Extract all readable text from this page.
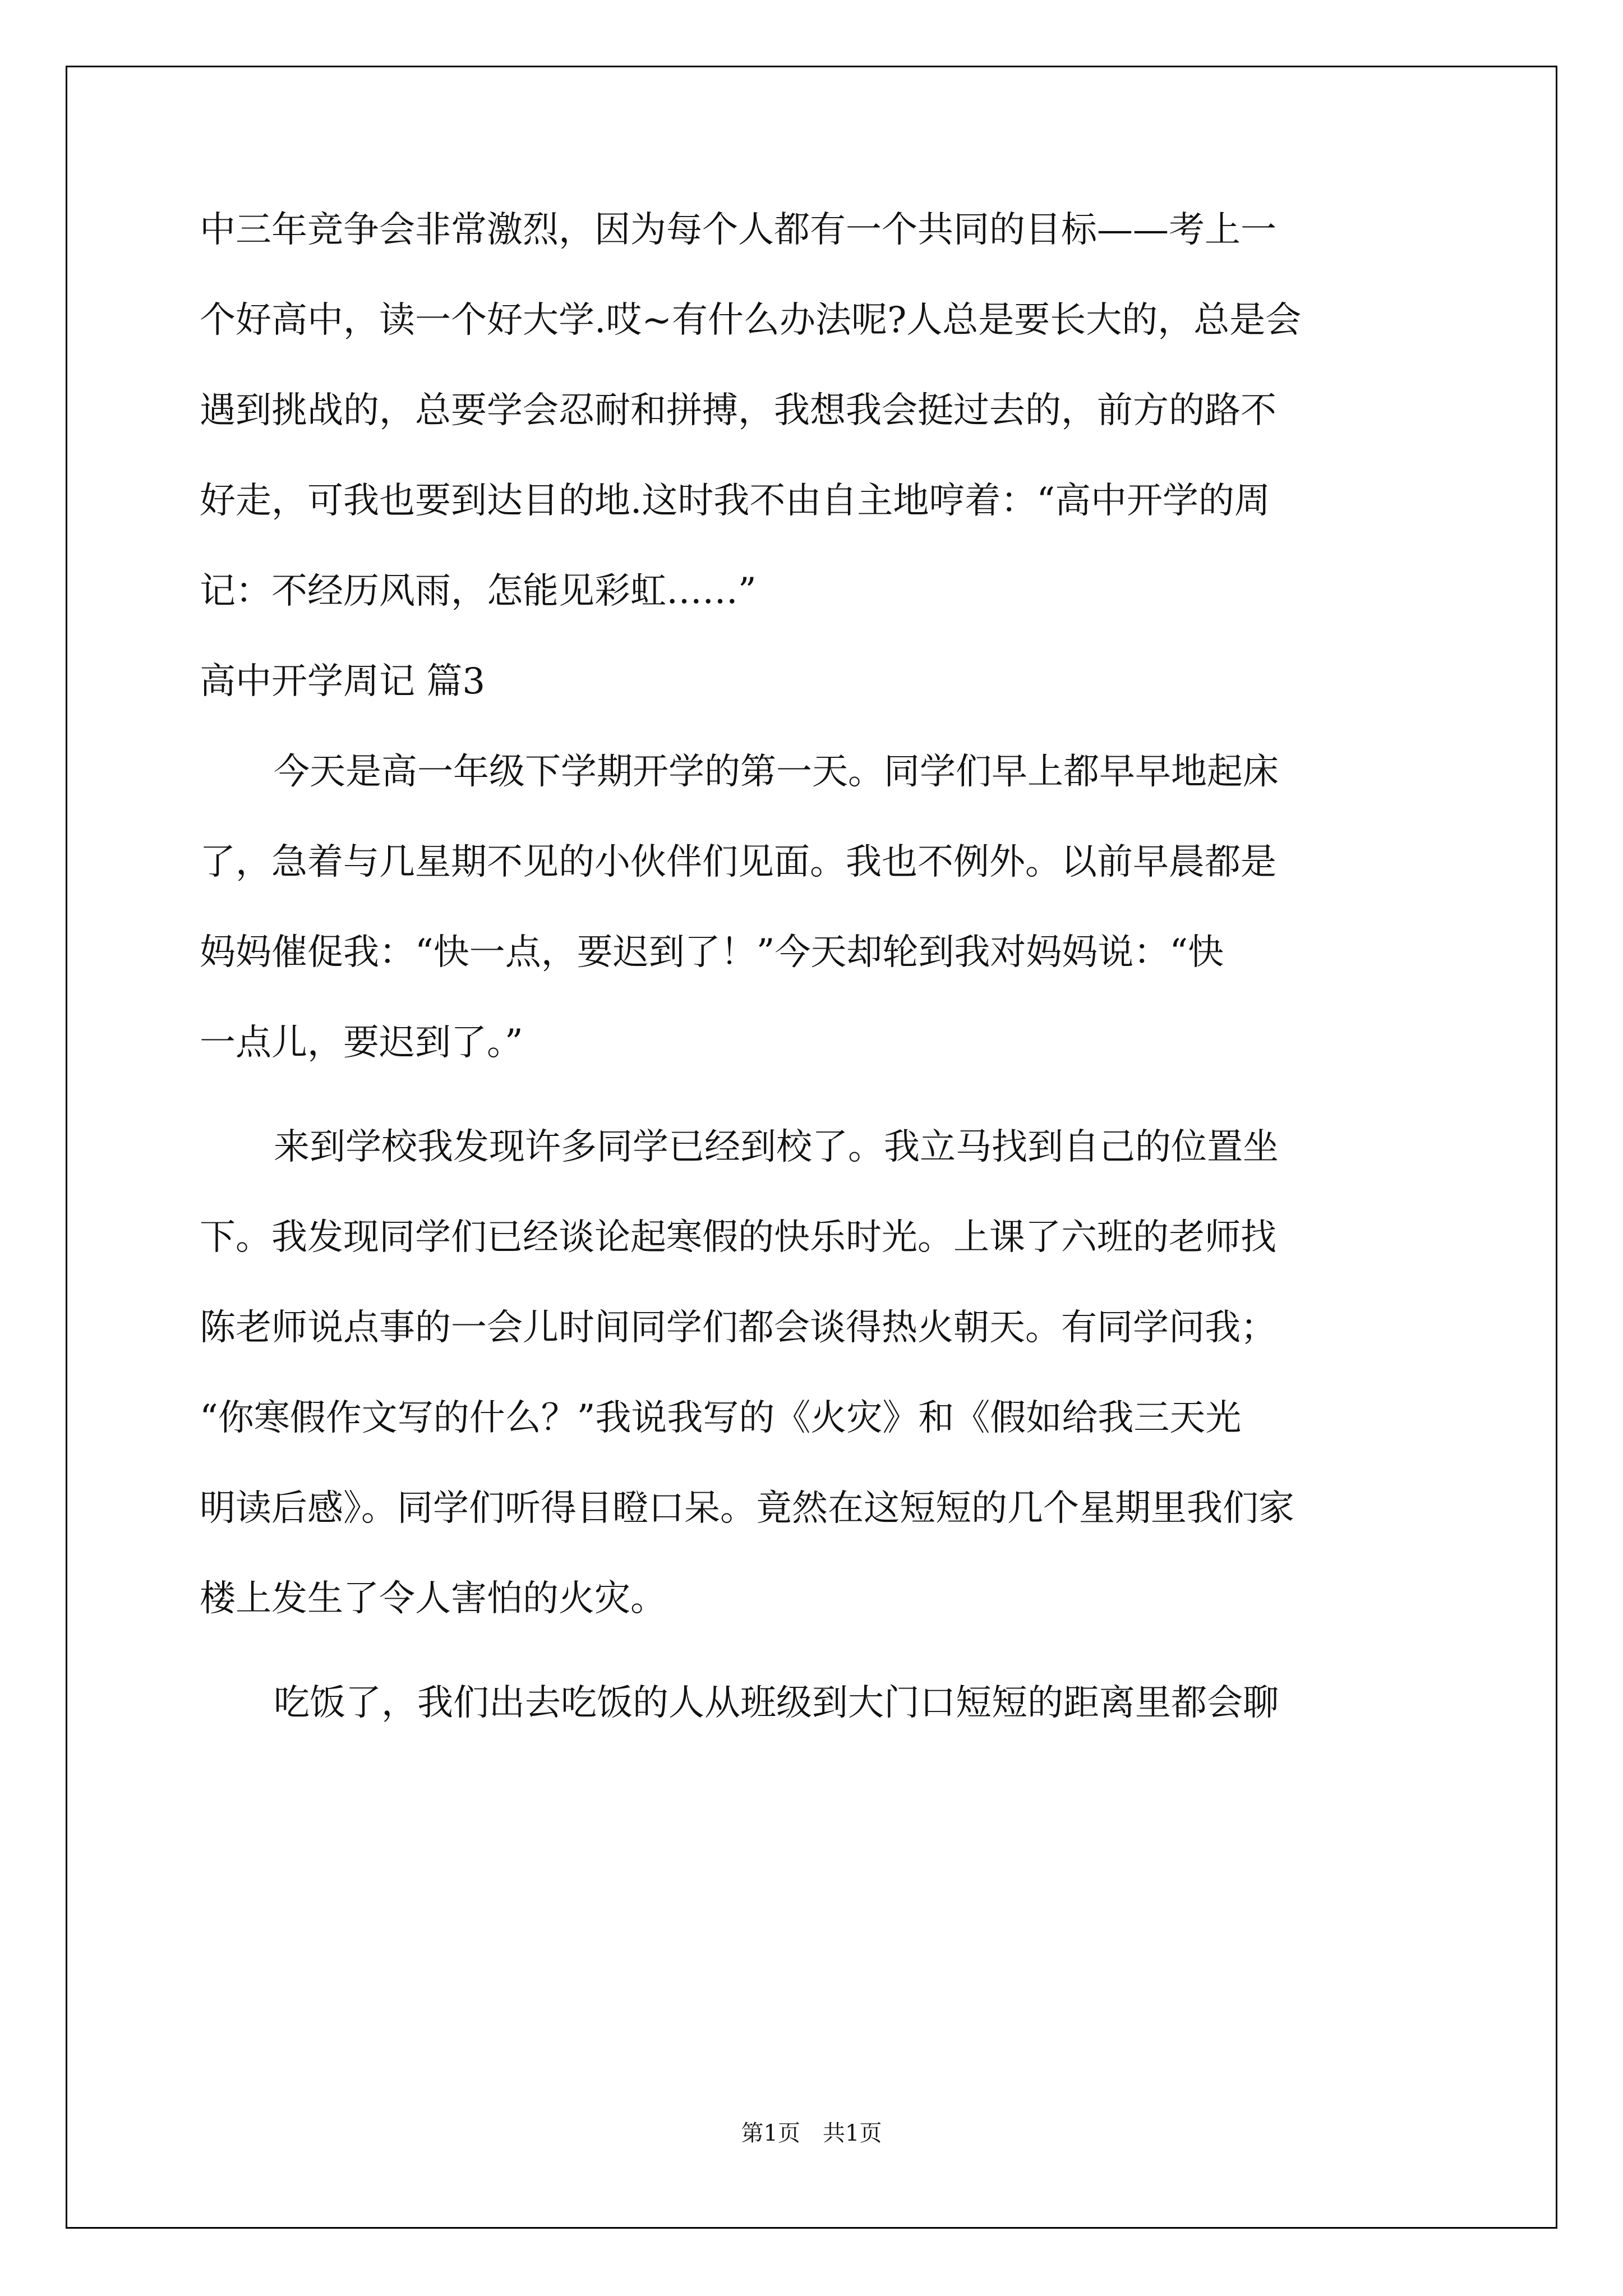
中三年竞争会非常激烈，因为每个人都有一个共同的目标——考上一
个好高中，读一个好大学.哎~有什么办法呢?人总是要长大的，总是会
遇到挑战的，总要学会忍耐和拼搏，我想我会挺过去的，前方的路不
好走，可我也要到达目的地.这时我不由自主地哼着：“高中开学的周
记：不经历风雨，怎能见彩虹……”
高中开学周记 篇3
今天是高一年级下学期开学的第一天。同学们早上都早早地起床
了，急着与几星期不见的小伙伴们见面。我也不例外。以前早晨都是
妈妈催促我：“快一点，要迟到了！”今天却轮到我对妈妈说：“快
一点儿，要迟到了。”
来到学校我发现许多同学已经到校了。我立马找到自己的位置坐
下。我发现同学们已经谈论起寒假的快乐时光。上课了六班的老师找
陈老师说点事的一会儿时间同学们都会谈得热火朝天。有同学问我；
“你寒假作文写的什么？”我说我写的《火灾》和《假如给我三天光
明读后感》。同学们听得目瞪口呆。竟然在这短短的几个星期里我们家
楼上发生了令人害怕的火灾。
吃饭了，我们出去吃饭的人从班级到大门口短短的距离里都会聊
第1页　共1页
